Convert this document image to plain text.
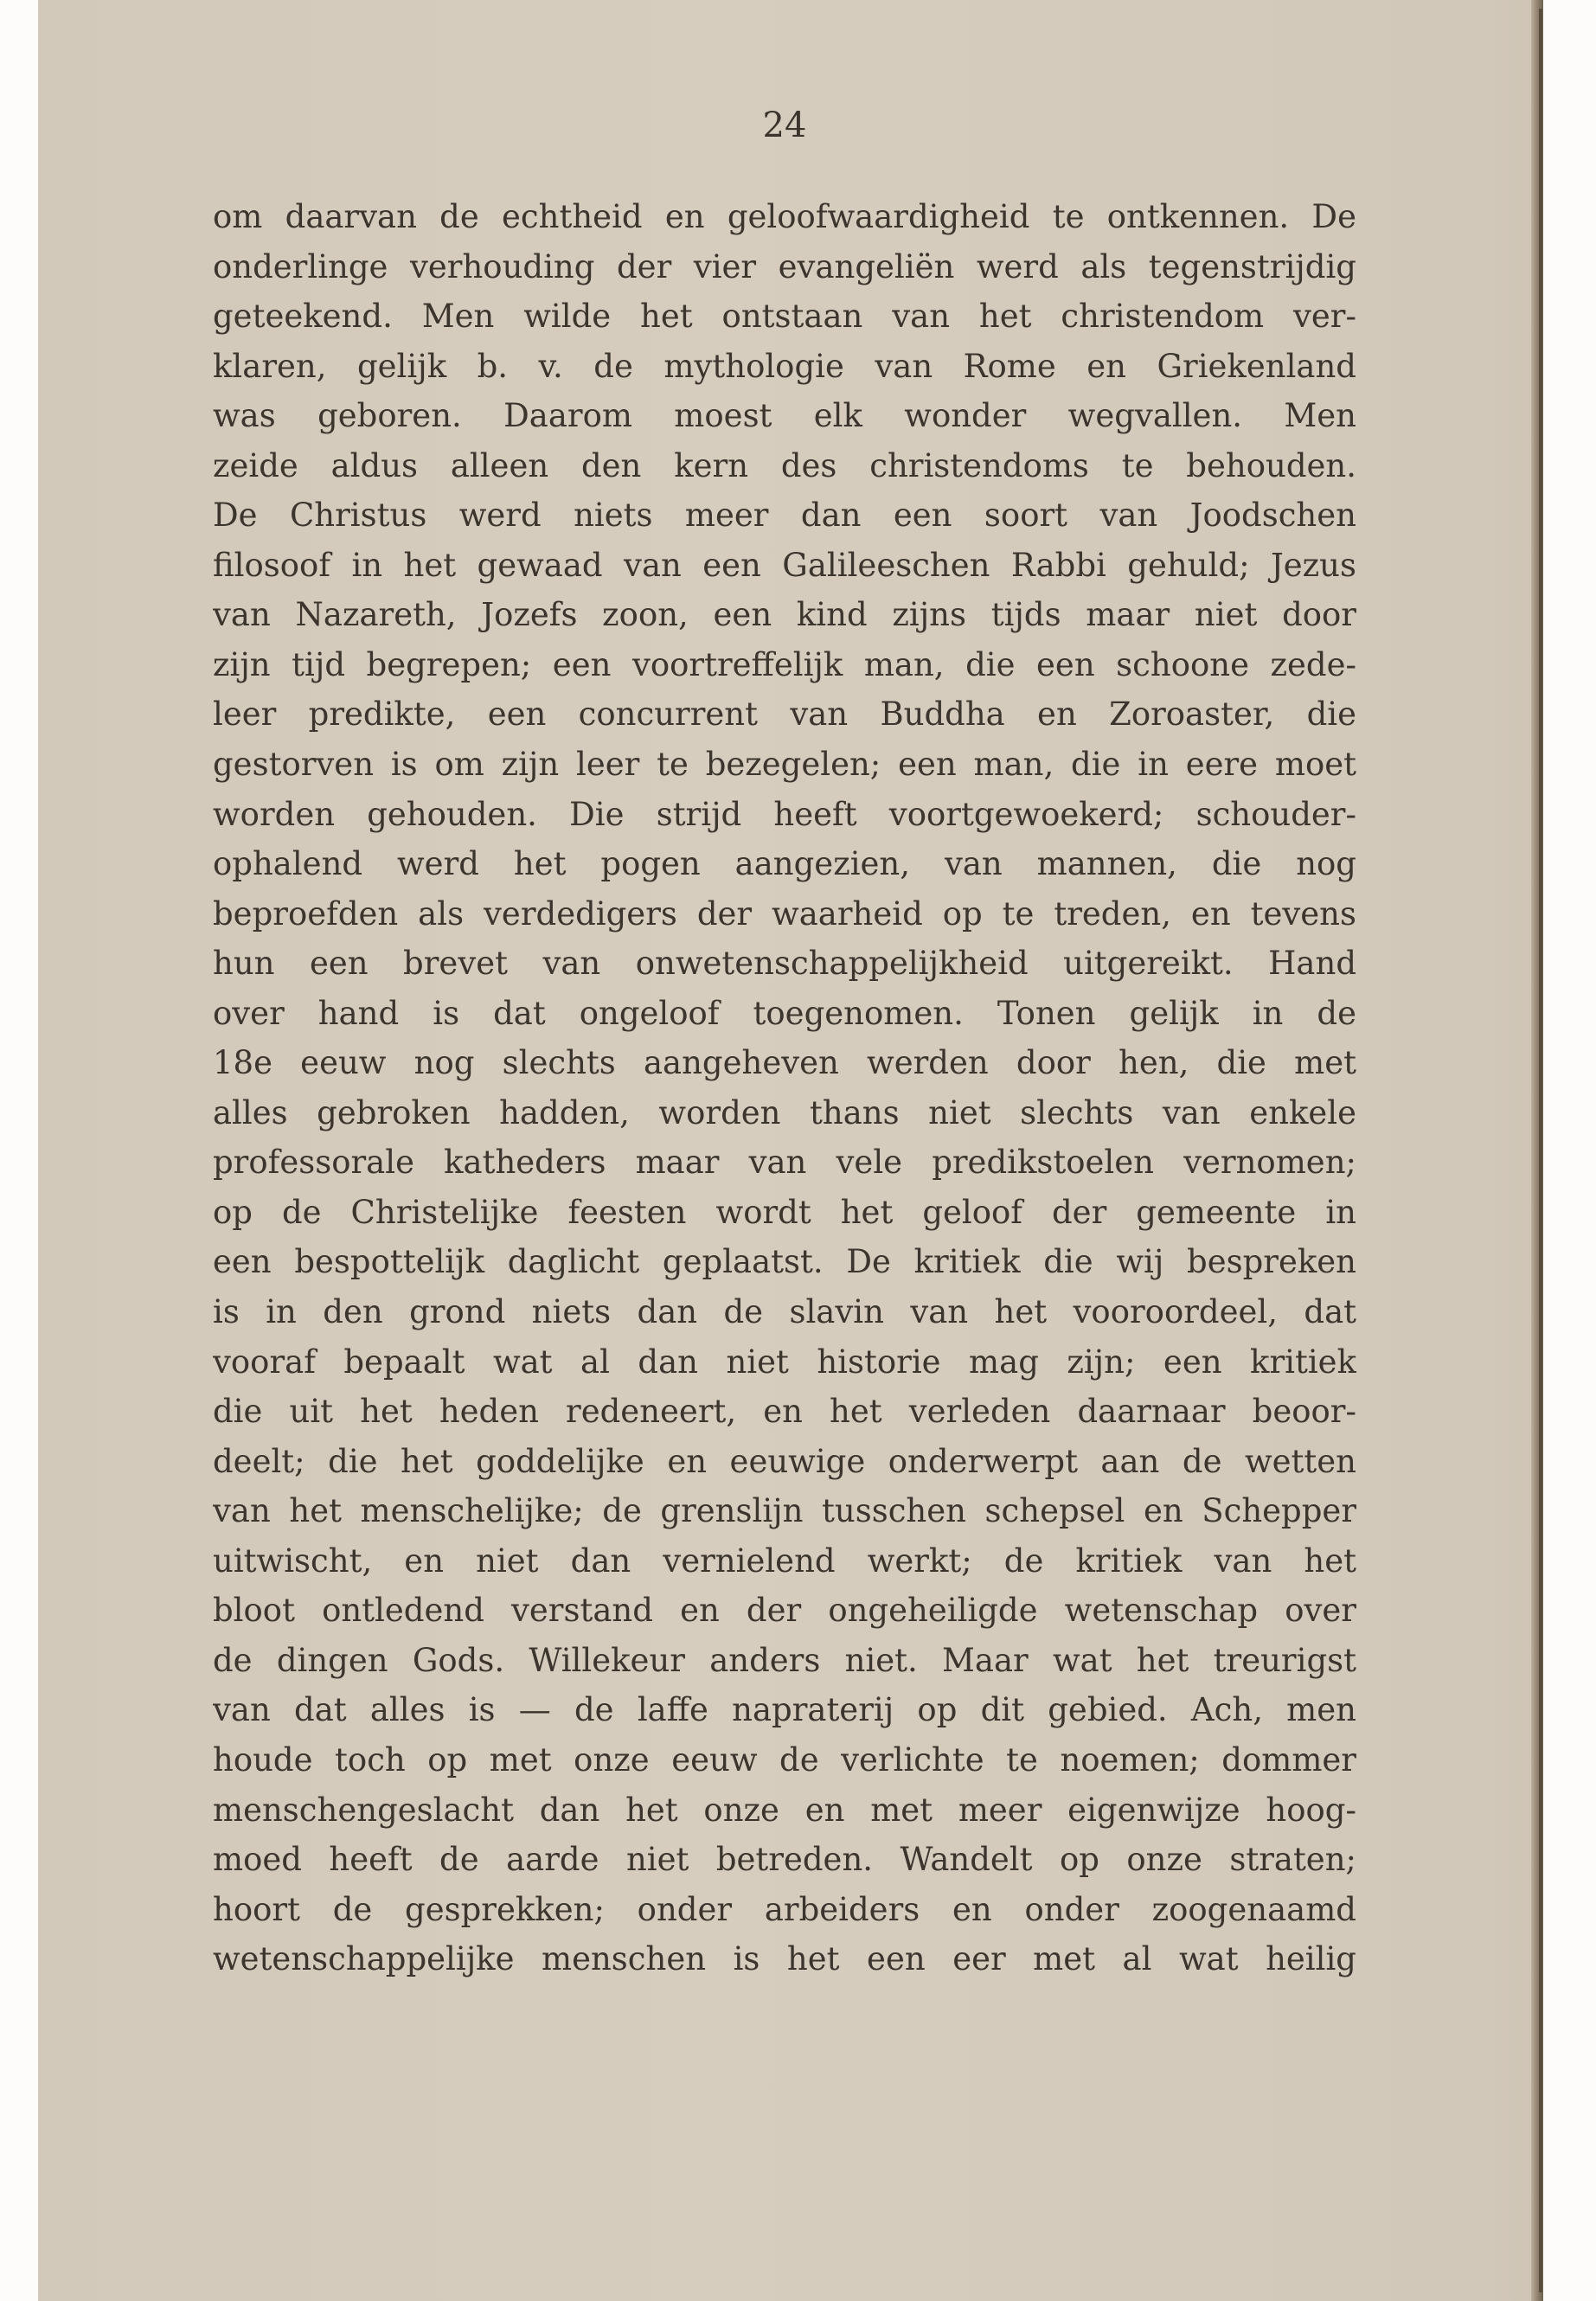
24
om daarvan de echtheid en geloofwaardigheid te ontkennen. De
onderlinge verhouding der vier evangeliën werd als tegenstrijdig
geteekend. Men wilde het ontstaan van het christendom ver-
klaren, gelijk b. v. de mythologie van Rome en Griekenland
was geboren. Daarom moest elk wonder wegvallen. Men
zeide aldus alleen den kern des christendoms te behouden.
De Christus werd niets meer dan een soort van Joodschen
filosoof in het gewaad van een Galileeschen Rabbi gehuld; Jezus
van Nazareth, Jozefs zoon, een kind zijns tijds maar niet door
zijn tijd begrepen; een voortreffelijk man, die een schoone zede-
leer predikte, een concurrent van Buddha en Zoroaster, die
gestorven is om zijn leer te bezegelen; een man, die in eere moet
worden gehouden. Die strijd heeft voortgewoekerd; schouder-
ophalend werd het pogen aangezien, van mannen, die nog
beproefden als verdedigers der waarheid op te treden, en tevens
hun een brevet van onwetenschappelijkheid uitgereikt. Hand
over hand is dat ongeloof toegenomen. Tonen gelijk in de
18e eeuw nog slechts aangeheven werden door hen, die met
alles gebroken hadden, worden thans niet slechts van enkele
professorale katheders maar van vele predikstoelen vernomen;
op de Christelijke feesten wordt het geloof der gemeente in
een bespottelijk daglicht geplaatst. De kritiek die wij bespreken
is in den grond niets dan de slavin van het vooroordeel, dat
vooraf bepaalt wat al dan niet historie mag zijn; een kritiek
die uit het heden redeneert, en het verleden daarnaar beoor-
deelt; die het goddelijke en eeuwige onderwerpt aan de wetten
van het menschelijke; de grenslijn tusschen schepsel en Schepper
uitwischt, en niet dan vernielend werkt; de kritiek van het
bloot ontledend verstand en der ongeheiligde wetenschap over
de dingen Gods. Willekeur anders niet. Maar wat het treurigst
van dat alles is — de laffe napraterij op dit gebied. Ach, men
houde toch op met onze eeuw de verlichte te noemen; dommer
menschengeslacht dan het onze en met meer eigenwijze hoog-
moed heeft de aarde niet betreden. Wandelt op onze straten;
hoort de gesprekken; onder arbeiders en onder zoogenaamd
wetenschappelijke menschen is het een eer met al wat heilig
